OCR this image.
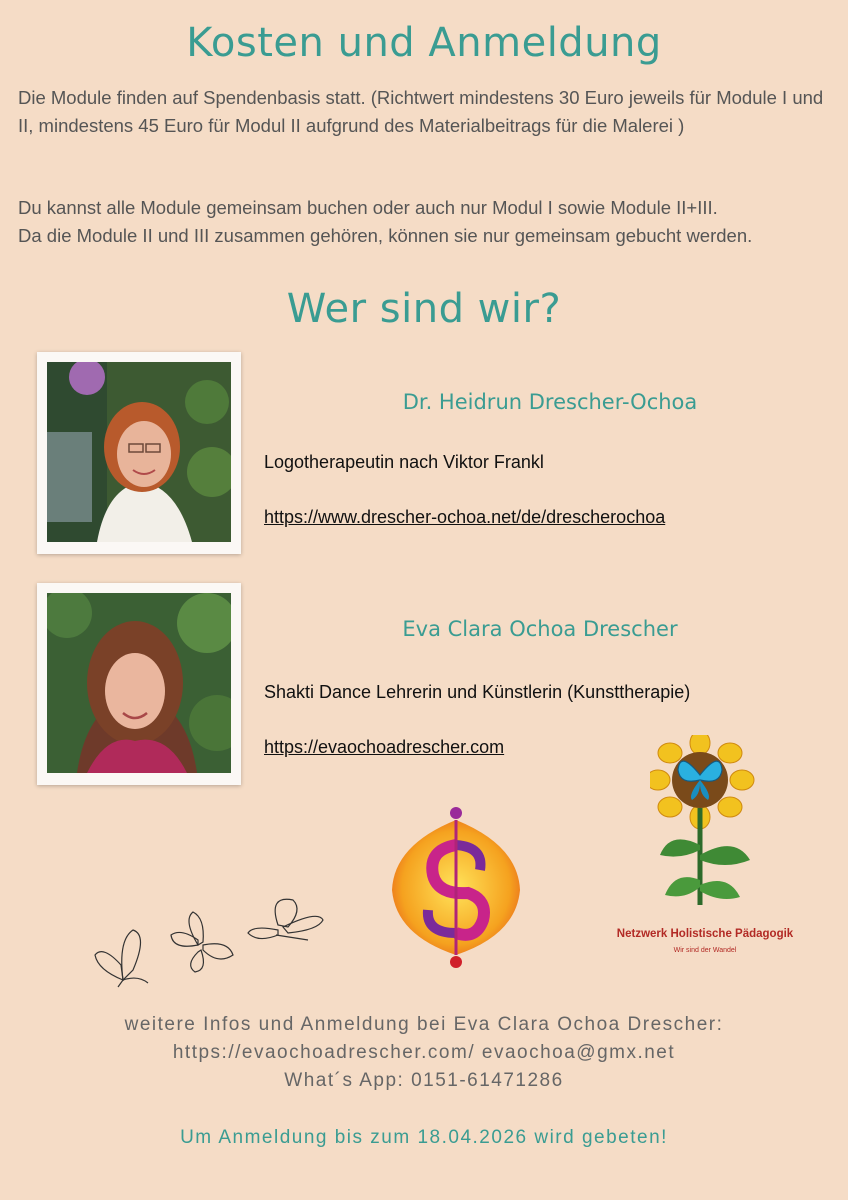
Kosten und Anmeldung
Die Module finden auf Spendenbasis statt. (Richtwert mindestens 30 Euro jeweils für Module I und II, mindestens 45 Euro für Modul II aufgrund des Materialbeitrags für die Malerei )
Du kannst alle Module gemeinsam buchen oder auch nur Modul I sowie Module II+III.
Da die Module II und III zusammen gehören, können sie nur gemeinsam gebucht werden.
Wer sind wir?
Dr. Heidrun Drescher-Ochoa
Logotherapeutin nach Viktor Frankl
https://www.drescher-ochoa.net/de/drescherochoa
Eva Clara Ochoa Drescher
Shakti Dance Lehrerin und Künstlerin (Kunsttherapie)
https://evaochoadrescher.com
Netzwerk Holistische Pädagogik
Wir sind der Wandel
weitere Infos und Anmeldung bei Eva Clara Ochoa Drescher:
https://evaochoadrescher.com/ evaochoa@gmx.net
What´s App: 0151-61471286
Um Anmeldung bis zum 18.04.2026 wird gebeten!
